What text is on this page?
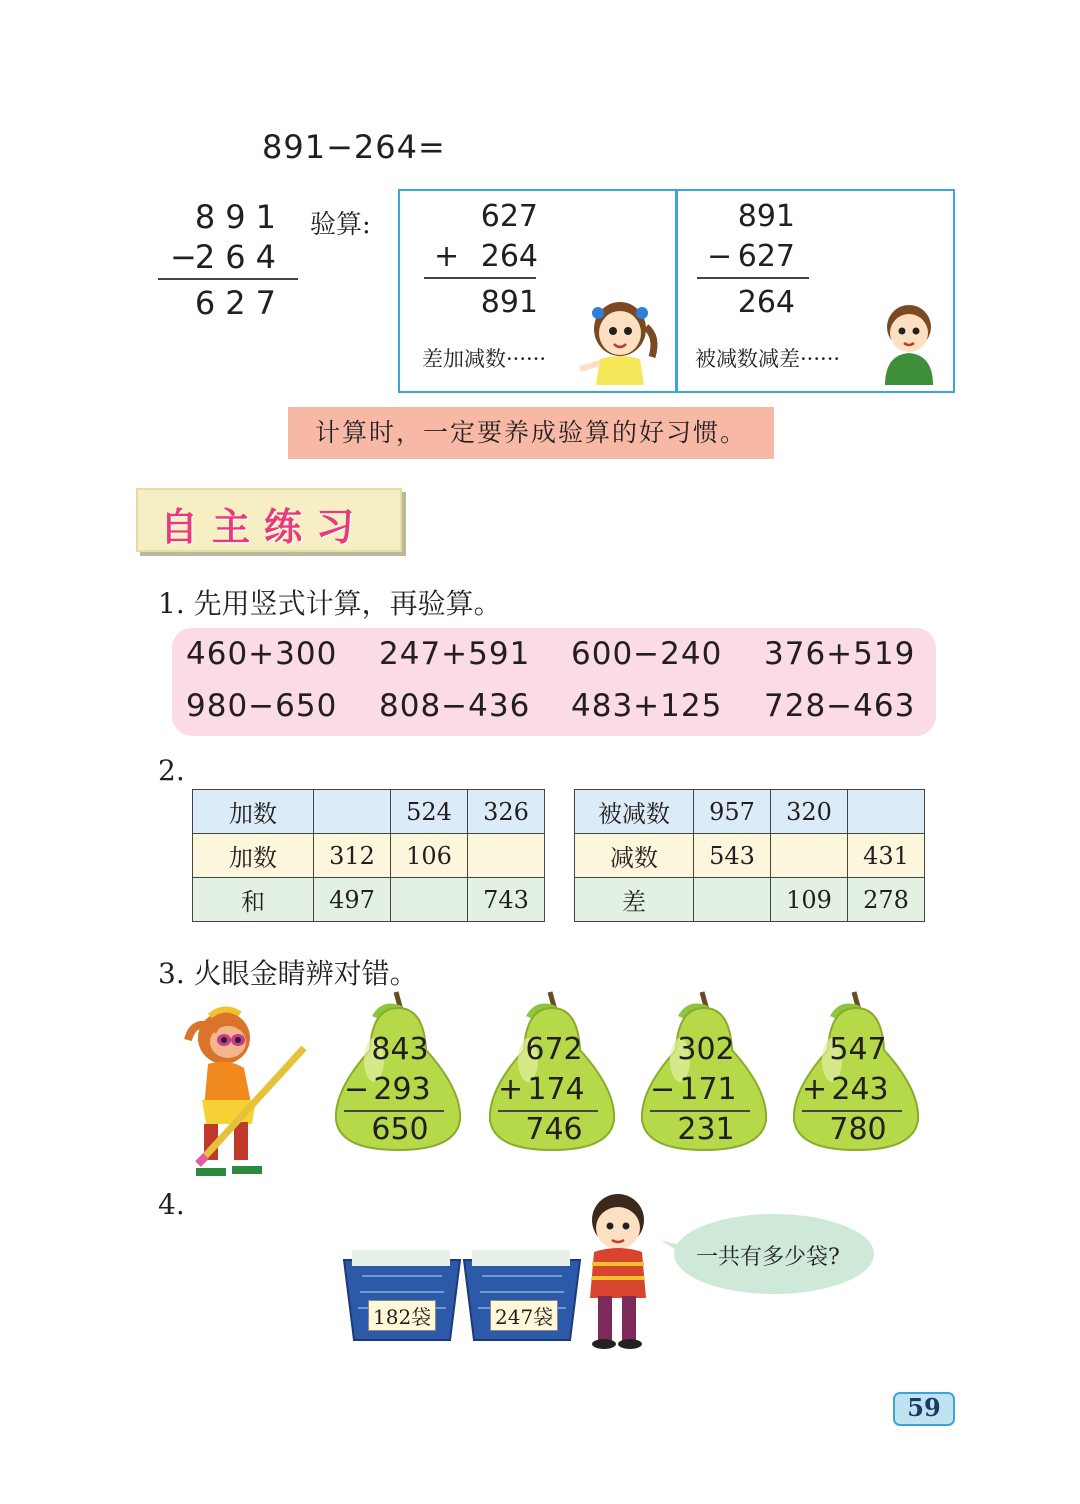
891−264=
891
−
264
627
验算:	627
+ 264
891
差加减数······
891
− 627
264
被减数减差······
计算时，一定要养成验算的好习惯。
自主练习
1. 先用竖式计算，再验算。
460+300 247+591 600−240 376+519
980−650 808−436 483+125 728−463
2.
加数		524	326
加数	312	106	
和	497		743
被减数	957	320	
减数	543		431
差		109	278
3. 火眼金睛辨对错。
843
− 293
650
672
+ 174
746
302
− 171
231
547
+ 243
780
4.
182袋	247袋
一共有多少袋?
59
